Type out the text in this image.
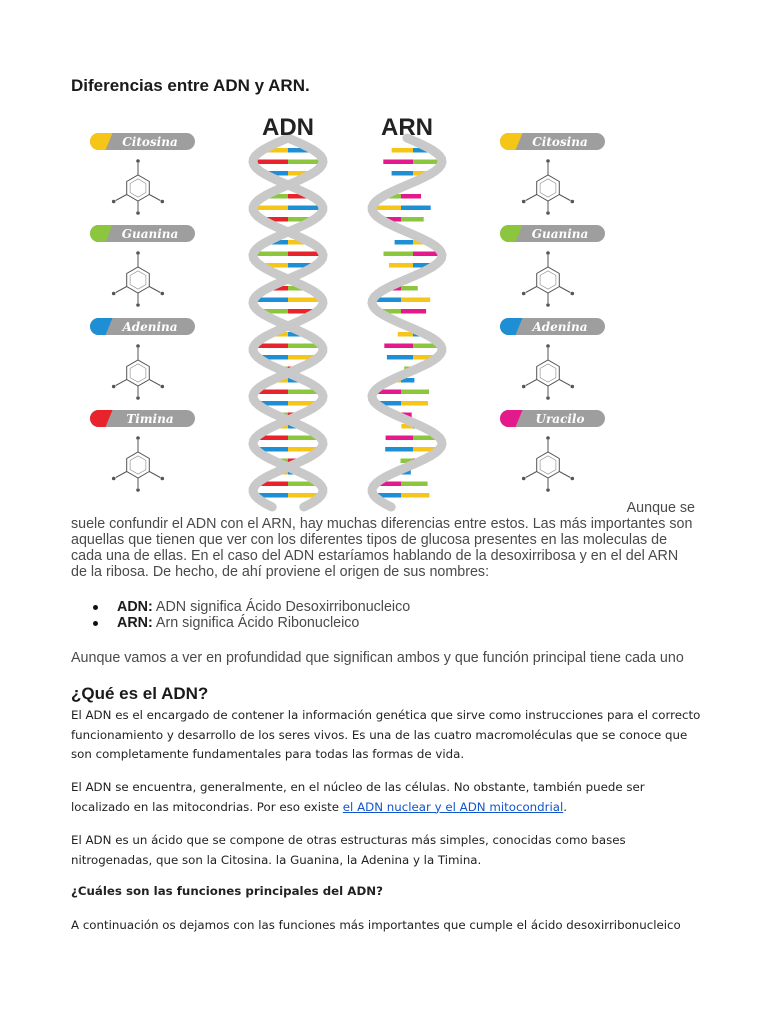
Diferencias entre ADN y ARN.
Citosina
Guanina
Adenina
Timina
Citosina
Guanina
Adenina
Uracilo
ADN	ARN

Aunque se
suele confundir el ADN con el ARN, hay muchas diferencias entre estos. Las más importantes son aquellas que tienen que ver con los diferentes tipos de glucosa presentes en las moleculas de cada una de ellas. En el caso del ADN estaríamos hablando de la desoxirribosa y en el del ARN de la ribosa. De hecho, de ahí proviene el origen de sus nombres:

ADN: ADN significa Ácido Desoxirribonucleico
ARN: Arn significa Ácido Ribonucleico

Aunque vamos a ver en profundidad que significan ambos y que función principal tiene cada uno

¿Qué es el ADN?

El ADN es el encargado de contener la información genética que sirve como instrucciones para el correcto funcionamiento y desarrollo de los seres vivos. Es una de las cuatro macromoléculas que se conoce que son completamente fundamentales para todas las formas de vida.

El ADN se encuentra, generalmente, en el núcleo de las células. No obstante, también puede ser localizado en las mitocondrias. Por eso existe el ADN nuclear y el ADN mitocondrial.

El ADN es un ácido que se compone de otras estructuras más simples, conocidas como bases nitrogenadas, que son la Citosina. la Guanina, la Adenina y la Timina.

¿Cuáles son las funciones principales del ADN?

A continuación os dejamos con las funciones más importantes que cumple el ácido desoxirribonucleico
